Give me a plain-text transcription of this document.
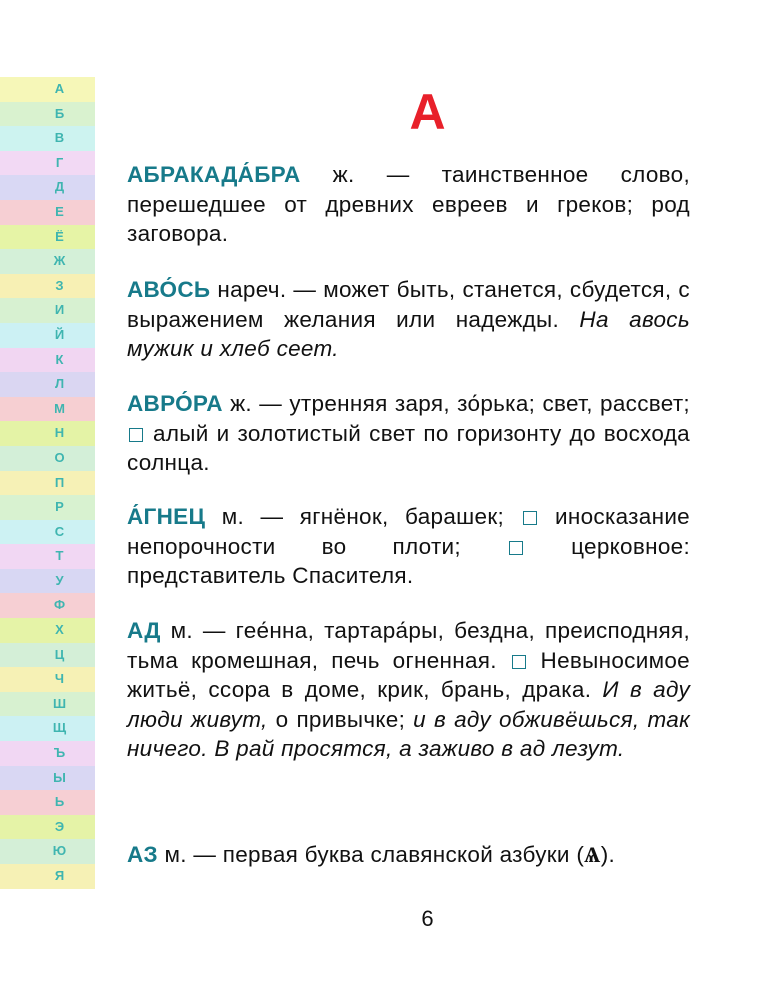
А
Б
В
Г
Д
Е
Ё
Ж
З
И
Й
К
Л
М
Н
О
П
Р
С
Т
У
Ф
Х
Ц
Ч
Ш
Щ
Ъ
Ы
Ь
Э
Ю
Я
А
АБРАКАДА́БРА ж. — таинственное слово, перешедшее от древних евреев и греков; род заговора.
АВО́СЬ нареч. — может быть, станется, сбудется, с выражением желания или надежды. На авось мужик и хлеб сеет.
АВРО́РА ж. — утренняя заря, зо́рька; свет, рассвет;  алый и золотистый свет по горизонту до восхода солнца.
А́ГНЕЦ м. — ягнёнок, барашек;  иносказание непорочности во плоти;  церковное: представитель Спасителя.
АД м. — гее́нна, тартара́ры, бездна, преисподняя, тьма кромешная, печь огненная.  Невыносимое житьё, ссора в доме, крик, брань, драка. И в аду люди живут, о привычке; и в аду обживёшься, так ничего. В рай просятся, а заживо в ад лезут.
АЗ м. — первая буква славянской азбуки (Ѧ).
6
